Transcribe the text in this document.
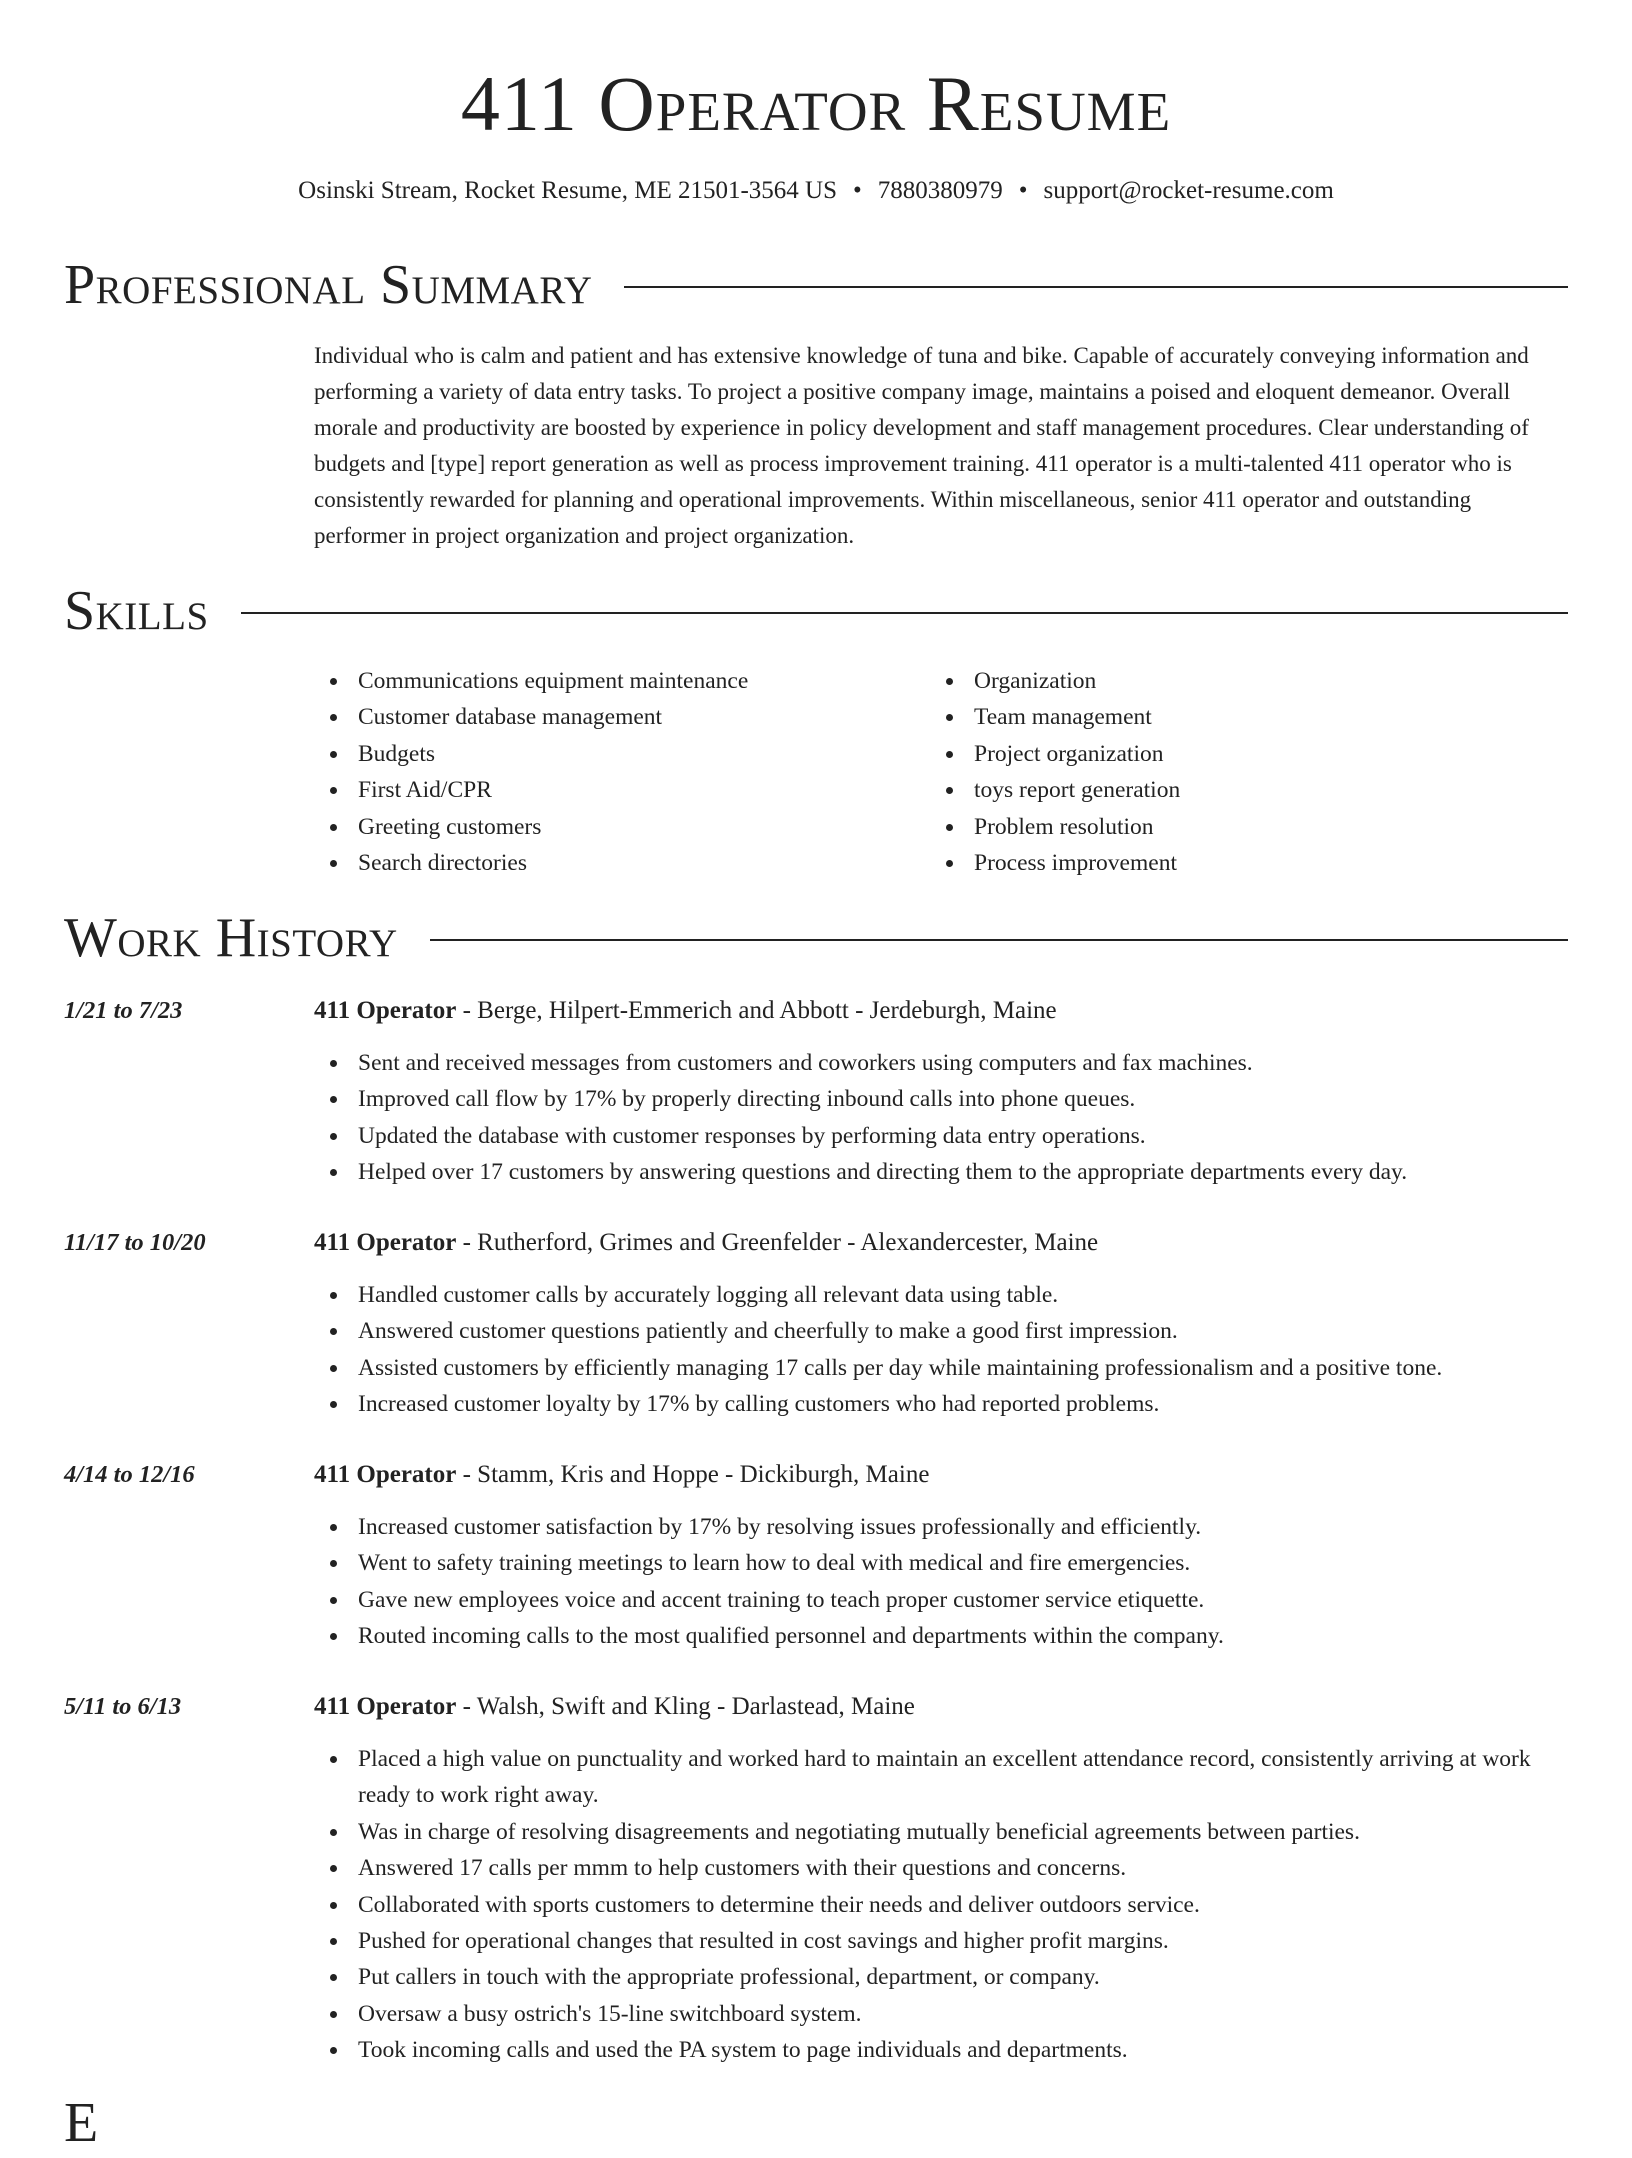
411 Operator Resume
Osinski Stream, Rocket Resume, ME 21501-3564 US • 7880380979 • support@rocket-resume.com
Professional Summary

Individual who is calm and patient and has extensive knowledge of tuna and bike. Capable of accurately conveying information and performing a variety of data entry tasks. To project a positive company image, maintains a poised and eloquent demeanor. Overall morale and productivity are boosted by experience in policy development and staff management procedures. Clear understanding of budgets and [type] report generation as well as process improvement training. 411 operator is a multi-talented 411 operator who is consistently rewarded for planning and operational improvements. Within miscellaneous, senior 411 operator and outstanding performer in project organization and project organization.

Skills
Communications equipment maintenance
Customer database management
Budgets
First Aid/CPR
Greeting customers
Search directories
Organization
Team management
Project organization
toys report generation
Problem resolution
Process improvement
Work History
1/21 to 7/23	411 Operator - Berge, Hilpert-Emmerich and Abbott - Jerdeburgh, Maine
Sent and received messages from customers and coworkers using computers and fax machines.
Improved call flow by 17% by properly directing inbound calls into phone queues.
Updated the database with customer responses by performing data entry operations.
Helped over 17 customers by answering questions and directing them to the appropriate departments every day.
11/17 to 10/20	411 Operator - Rutherford, Grimes and Greenfelder - Alexandercester, Maine
Handled customer calls by accurately logging all relevant data using table.
Answered customer questions patiently and cheerfully to make a good first impression.
Assisted customers by efficiently managing 17 calls per day while maintaining professionalism and a positive tone.
Increased customer loyalty by 17% by calling customers who had reported problems.
4/14 to 12/16	411 Operator - Stamm, Kris and Hoppe - Dickiburgh, Maine
Increased customer satisfaction by 17% by resolving issues professionally and efficiently.
Went to safety training meetings to learn how to deal with medical and fire emergencies.
Gave new employees voice and accent training to teach proper customer service etiquette.
Routed incoming calls to the most qualified personnel and departments within the company.
5/11 to 6/13	411 Operator - Walsh, Swift and Kling - Darlastead, Maine
Placed a high value on punctuality and worked hard to maintain an excellent attendance record, consistently arriving at work ready to work right away.
Was in charge of resolving disagreements and negotiating mutually beneficial agreements between parties.
Answered 17 calls per mmm to help customers with their questions and concerns.
Collaborated with sports customers to determine their needs and deliver outdoors service.
Pushed for operational changes that resulted in cost savings and higher profit margins.
Put callers in touch with the appropriate professional, department, or company.
Oversaw a busy ostrich's 15-line switchboard system.
Took incoming calls and used the PA system to page individuals and departments.
E
